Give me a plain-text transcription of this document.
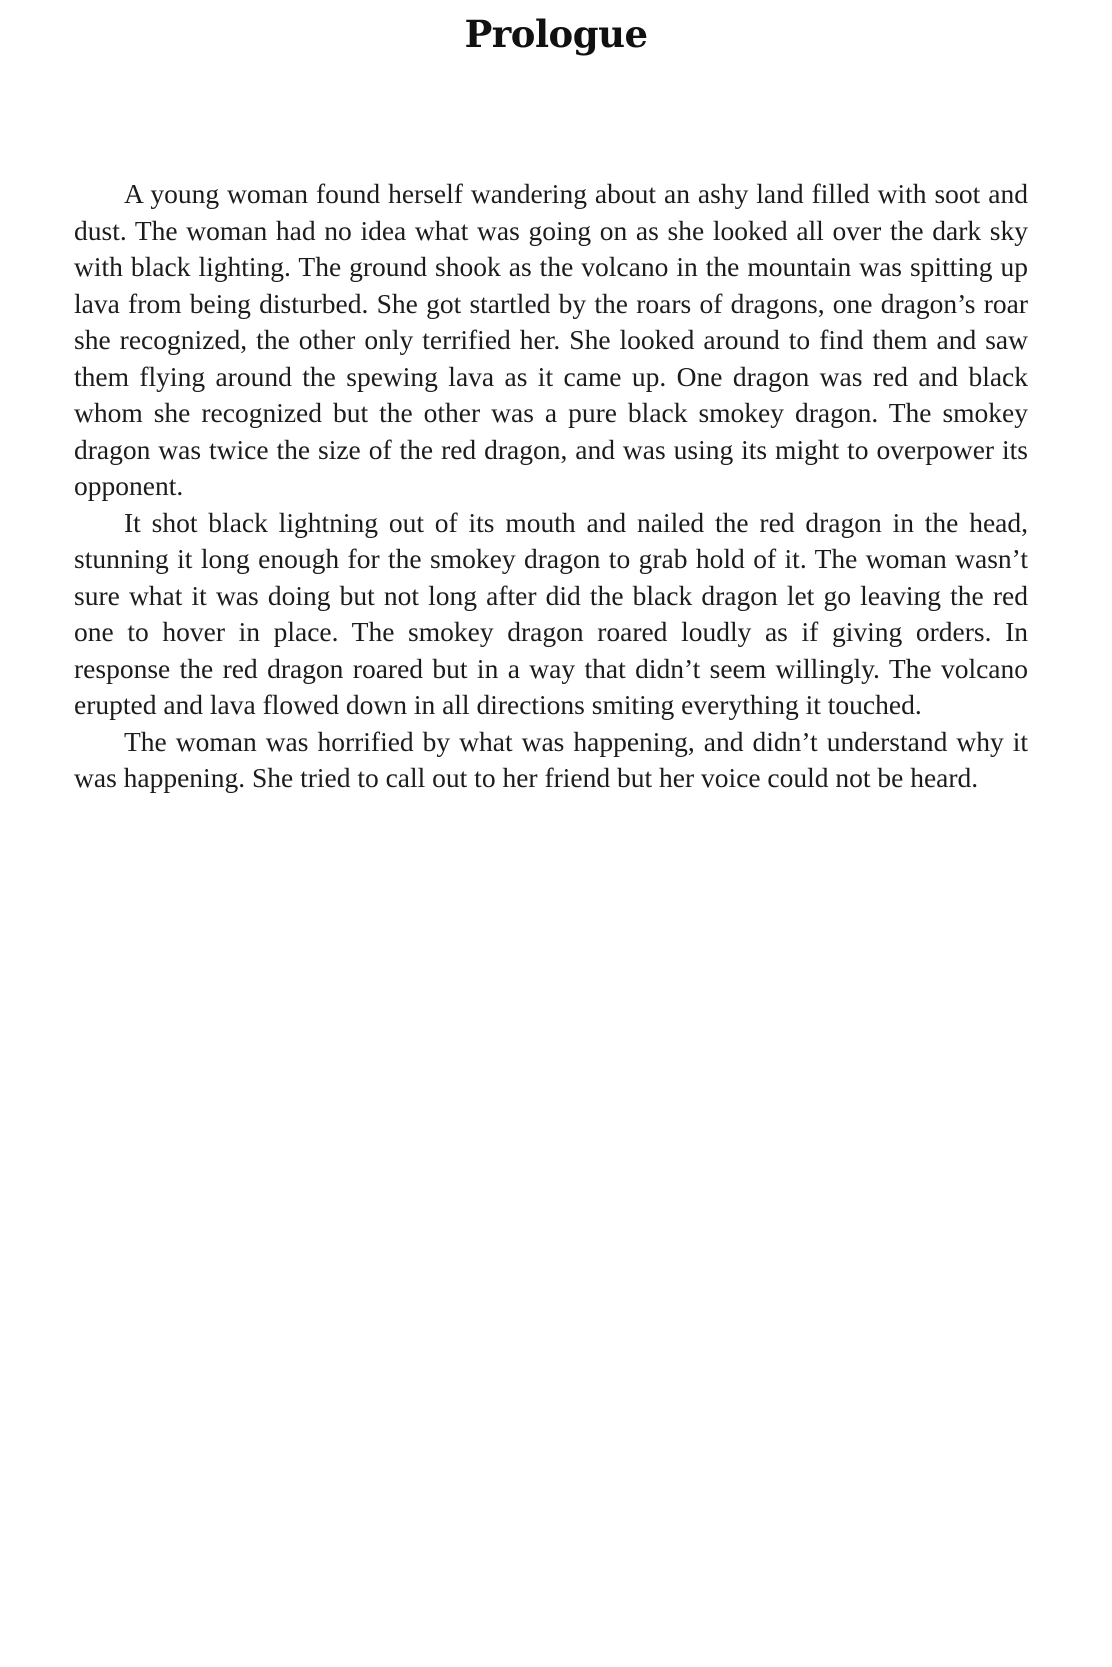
Prologue

A young woman found herself wandering about an ashy land filled with soot and dust. The woman had no idea what was going on as she looked all over the dark sky with black lighting. The ground shook as the volcano in the mountain was spitting up lava from being disturbed. She got startled by the roars of dragons, one dragon’s roar she recognized, the other only terrified her. She looked around to find them and saw them flying around the spewing lava as it came up. One dragon was red and black whom she recognized but the other was a pure black smokey dragon. The smokey dragon was twice the size of the red dragon, and was using its might to overpower its opponent.

It shot black lightning out of its mouth and nailed the red dragon in the head, stunning it long enough for the smokey dragon to grab hold of it. The woman wasn’t sure what it was doing but not long after did the black dragon let go leaving the red one to hover in place. The smokey dragon roared loudly as if giving orders. In response the red dragon roared but in a way that didn’t seem willingly. The volcano erupted and lava flowed down in all directions smiting everything it touched.

The woman was horrified by what was happening, and didn’t understand why it was happening. She tried to call out to her friend but her voice could not be heard.
